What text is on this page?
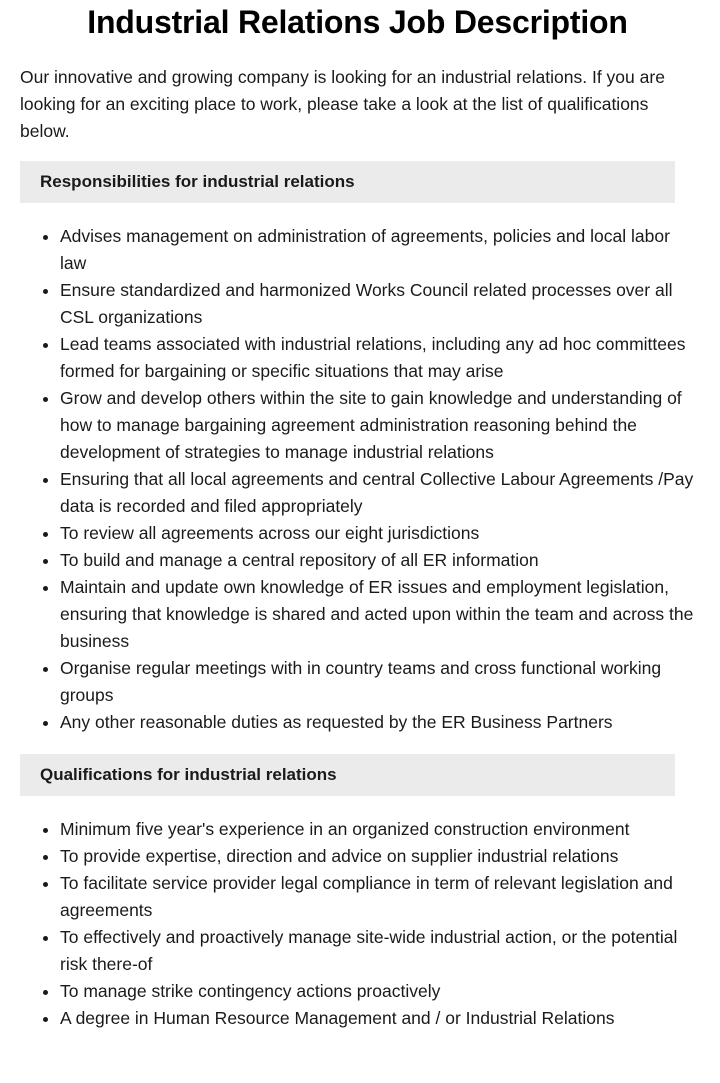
Industrial Relations Job Description

Our innovative and growing company is looking for an industrial relations. If you are looking for an exciting place to work, please take a look at the list of qualifications below.

Responsibilities for industrial relations
• Advises management on administration of agreements, policies and local labor law
• Ensure standardized and harmonized Works Council related processes over all CSL organizations
• Lead teams associated with industrial relations, including any ad hoc committees formed for bargaining or specific situations that may arise
• Grow and develop others within the site to gain knowledge and understanding of how to manage bargaining agreement administration reasoning behind the development of strategies to manage industrial relations
• Ensuring that all local agreements and central Collective Labour Agreements /Pay data is recorded and filed appropriately
• To review all agreements across our eight jurisdictions
• To build and manage a central repository of all ER information
• Maintain and update own knowledge of ER issues and employment legislation, ensuring that knowledge is shared and acted upon within the team and across the business
• Organise regular meetings with in country teams and cross functional working groups
• Any other reasonable duties as requested by the ER Business Partners
Qualifications for industrial relations
• Minimum five year's experience in an organized construction environment
• To provide expertise, direction and advice on supplier industrial relations
• To facilitate service provider legal compliance in term of relevant legislation and agreements
• To effectively and proactively manage site-wide industrial action, or the potential risk there-of
• To manage strike contingency actions proactively
• A degree in Human Resource Management and / or Industrial Relations
